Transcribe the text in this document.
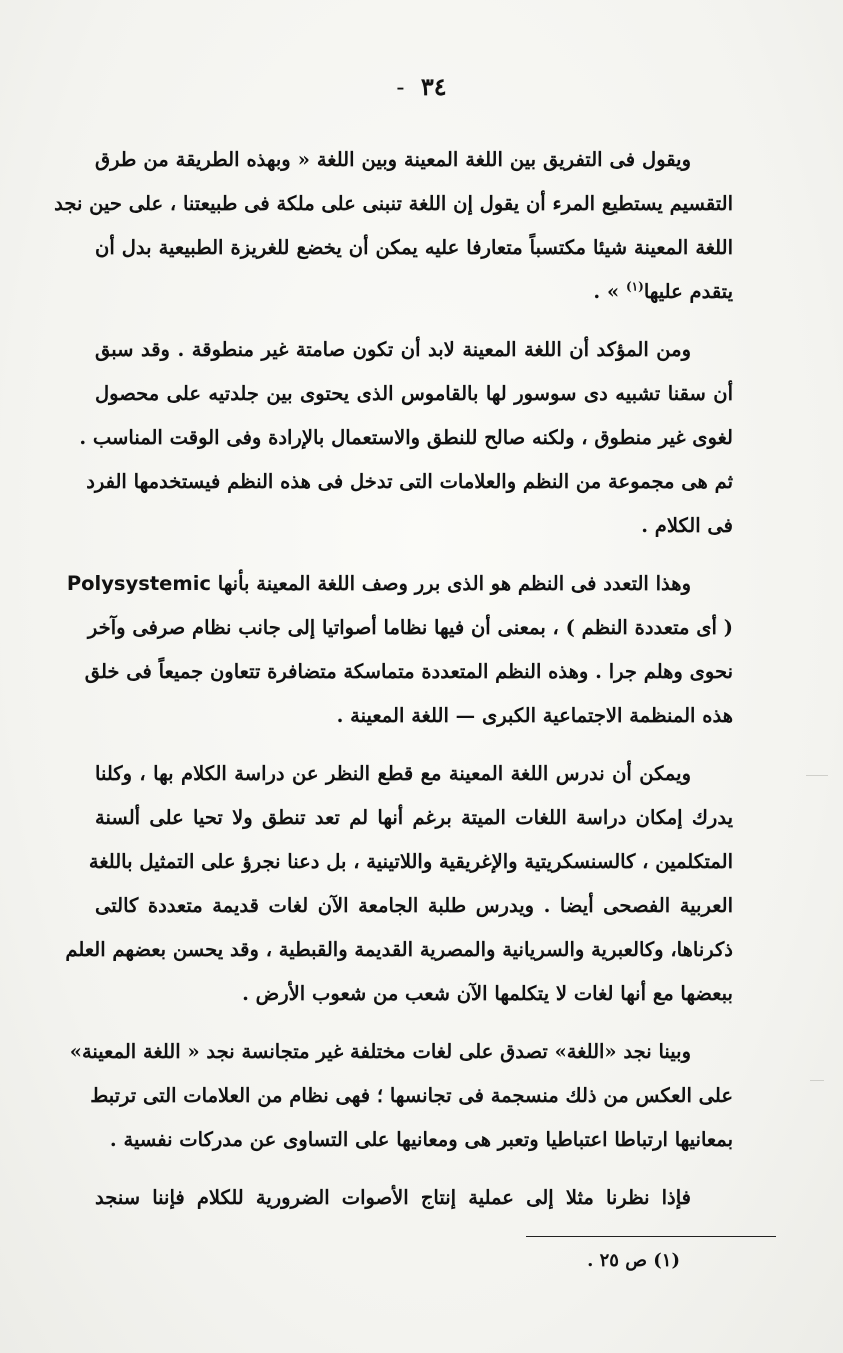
٣٤ -
ويقول فى التفريق بين اللغة المعينة وبين اللغة « وبهذه الطريقة من طرق
التقسيم يستطيع المرء أن يقول إن اللغة تنبنى على ملكة فى طبيعتنا ، على حين نجد
اللغة المعينة شيئا مكتسباً متعارفا عليه يمكن أن يخضع للغريزة الطبيعية بدل أن
يتقدم عليها$^{(١)}$ » .
ومن المؤكد أن اللغة المعينة لابد أن تكون صامتة غير منطوقة . وقد سبق
أن سقنا تشبيه دى سوسور لها بالقاموس الذى يحتوى بين جلدتيه على محصول
لغوى غير منطوق ، ولكنه صالح للنطق والاستعمال بالإرادة وفى الوقت المناسب .
ثم هى مجموعة من النظم والعلامات التى تدخل فى هذه النظم فيستخدمها الفرد
فى الكلام .
وهذا التعدد فى النظم هو الذى برر وصف اللغة المعينة بأنها Polysystemic
( أى متعددة النظم ) ، بمعنى أن فيها نظاما أصواتيا إلى جانب نظام صرفى وآخر
نحوى وهلم جرا . وهذه النظم المتعددة متماسكة متضافرة تتعاون جميعاً فى خلق
هذه المنظمة الاجتماعية الكبرى — اللغة المعينة .
ويمكن أن ندرس اللغة المعينة مع قطع النظر عن دراسة الكلام بها ، وكلنا
يدرك إمكان دراسة اللغات الميتة برغم أنها لم تعد تنطق ولا تحيا على ألسنة
المتكلمين ، كالسنسكريتية والإغريقية واللاتينية ، بل دعنا نجرؤ على التمثيل باللغة
العربية الفصحى أيضا . ويدرس طلبة الجامعة الآن لغات قديمة متعددة كالتى
ذكرناها، وكالعبرية والسريانية والمصرية القديمة والقبطية ، وقد يحسن بعضهم العلم
ببعضها مع أنها لغات لا يتكلمها الآن شعب من شعوب الأرض .
وبينا نجد «اللغة» تصدق على لغات مختلفة غير متجانسة نجد « اللغة المعينة»
على العكس من ذلك منسجمة فى تجانسها ؛ فهى نظام من العلامات التى ترتبط
بمعانيها ارتباطا اعتباطيا وتعبر هى ومعانيها على التساوى عن مدركات نفسية .
فإذا نظرنا مثلا إلى عملية إنتاج الأصوات الضرورية للكلام فإننا سنجد
(١) ص ٢٥ .
